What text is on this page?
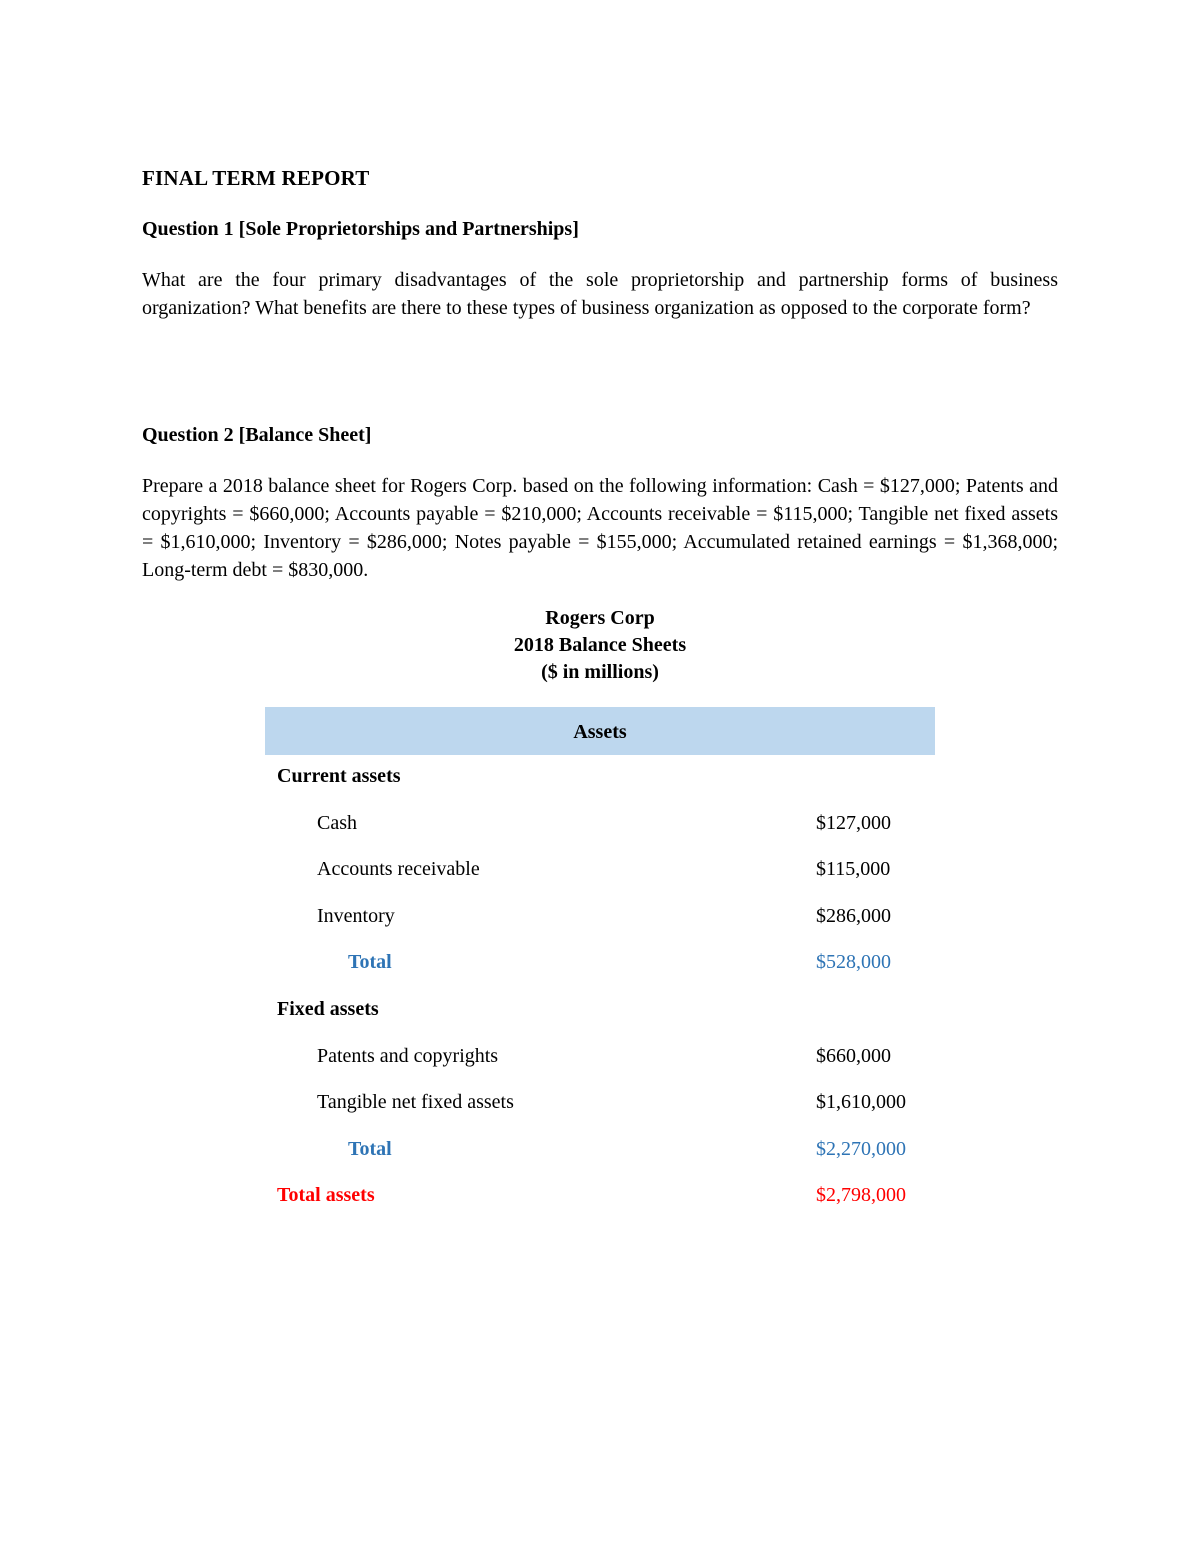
FINAL TERM REPORT
Question 1 [Sole Proprietorships and Partnerships]
What are the four primary disadvantages of the sole proprietorship and partnership forms of business organization? What benefits are there to these types of business organization as opposed to the corporate form?
Question 2 [Balance Sheet]
Prepare a 2018 balance sheet for Rogers Corp. based on the following information: Cash = $127,000; Patents and copyrights = $660,000; Accounts payable = $210,000; Accounts receivable = $115,000; Tangible net fixed assets = $1,610,000; Inventory = $286,000; Notes payable = $155,000; Accumulated retained earnings = $1,368,000; Long-term debt = $830,000.
Rogers Corp
2018 Balance Sheets
($ in millions)
Assets
Current assets
Cash	$127,000
Accounts receivable	$115,000
Inventory	$286,000
Total	$528,000
Fixed assets
Patents and copyrights	$660,000
Tangible net fixed assets	$1,610,000
Total	$2,270,000
Total assets	$2,798,000
